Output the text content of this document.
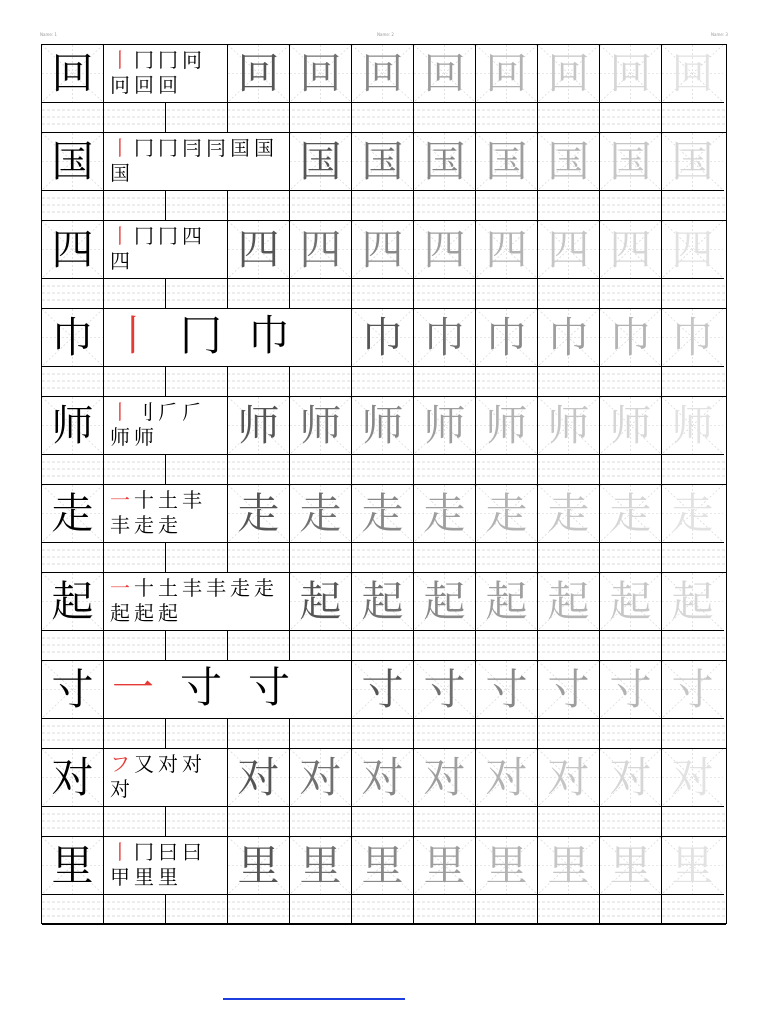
Name: 1	Name: 2	Name: 3
回 丨 冂 冂 冋冋 回 回	回 回 回 回 回 回 回 回
国 丨 冂 冂 冃 冃 囯 国国	国 国 国 国 国 国 国
四 丨 冂 冂 四四	四 四 四 四 四 四 四 四
巾 丨冂巾	巾 巾 巾 巾 巾 巾
师 丨 刂 𠂆 𠂆师 师	师 师 师 师 师 师 师 师
走 一 十 土 丰丰 走 走	走 走 走 走 走 走 走 走
起 一 十 土 丰 丰 走 走起 起 起	起 起 起 起 起 起 起
寸 一寸寸	寸 寸 寸 寸 寸 寸
对 フ 又 对 对对	对 对 对 对 对 对 对 对
里 丨 冂 曰 曰甲 里 里	里 里 里 里 里 里 里 里
